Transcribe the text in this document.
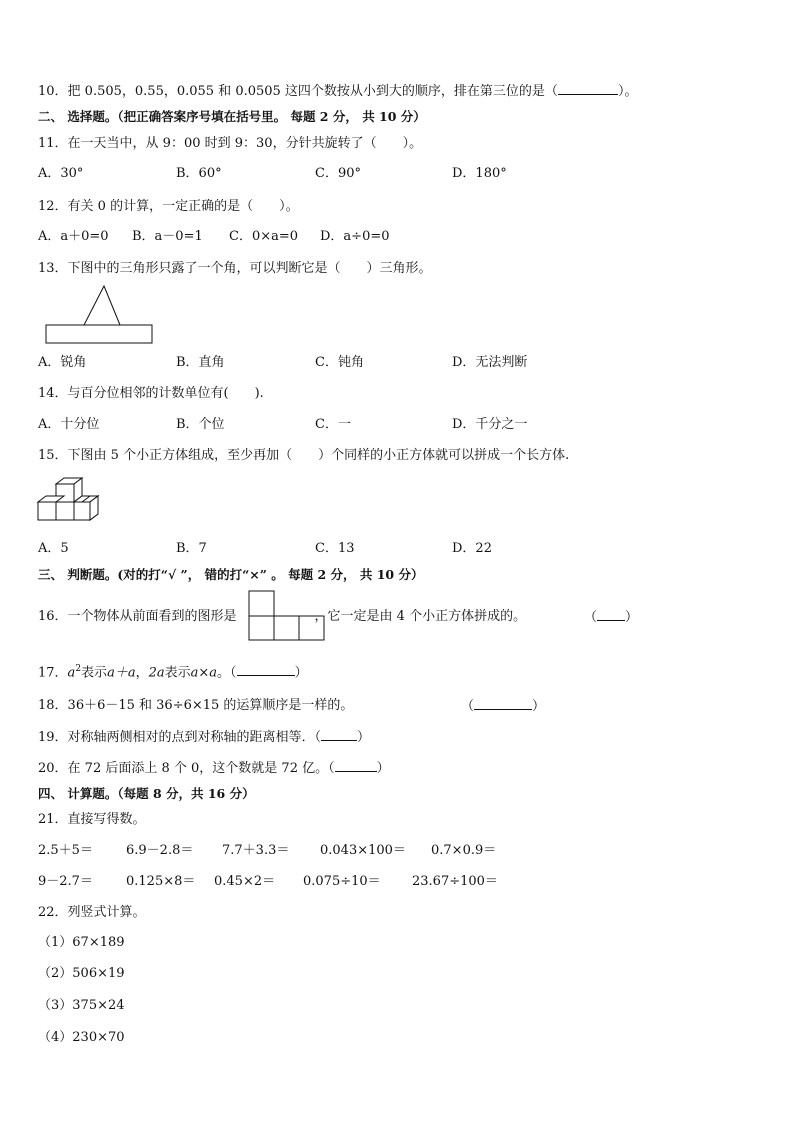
10．把 0.505，0.55，0.055 和 0.0505 这四个数按从小到大的顺序，排在第三位的是（	）。
二、 选择题。（把正确答案序号填在括号里。 每题 2 分， 共 10 分）
11．在一天当中，从 9：00 时到 9：30，分针共旋转了（　　）。
A．30°	B．60°	C．90°	D．180°
12．有关 0 的计算，一定正确的是（　　）。
A．a＋0=0 B．a－0=1 C．0×a=0 D．a÷0=0
13．下图中的三角形只露了一个角，可以判断它是（　　）三角形。
A．锐角	B．直角	C．钝角	D．无法判断
14．与百分位相邻的计数单位有(　　).
A．十分位	B．个位	C．一	D．千分之一
15．下图由 5 个小正方体组成，至少再加（　　）个同样的小正方体就可以拼成一个长方体.
A．5	B．7	C．13	D．22
三、 判断题。(对的打“√ ”， 错的打“×” 。 每题 2 分， 共 10 分）
16．一个物体从前面看到的图形是	，它一定是由 4 个小正方体拼成的。	（ ）
17．$a^2$表示a＋a，2a表示a×a。（	）
18．36＋6－15 和 36÷6×15 的运算顺序是一样的。	（	）
19．对称轴两侧相对的点到对称轴的距离相等．（	）
20．在 72 后面添上 8 个 0，这个数就是 72 亿。（	）
四、 计算题。（每题 8 分，共 16 分）
21．直接写得数。
2.5＋5＝	6.9－2.8＝ 7.7＋3.3＝ 0.043×100＝ 0.7×0.9＝
9－2.7＝	0.125×8＝ 0.45×2＝ 0.075÷10＝ 23.67÷100＝
22．列竖式计算。
（1）67×189
（2）506×19
（3）375×24
（4）230×70
